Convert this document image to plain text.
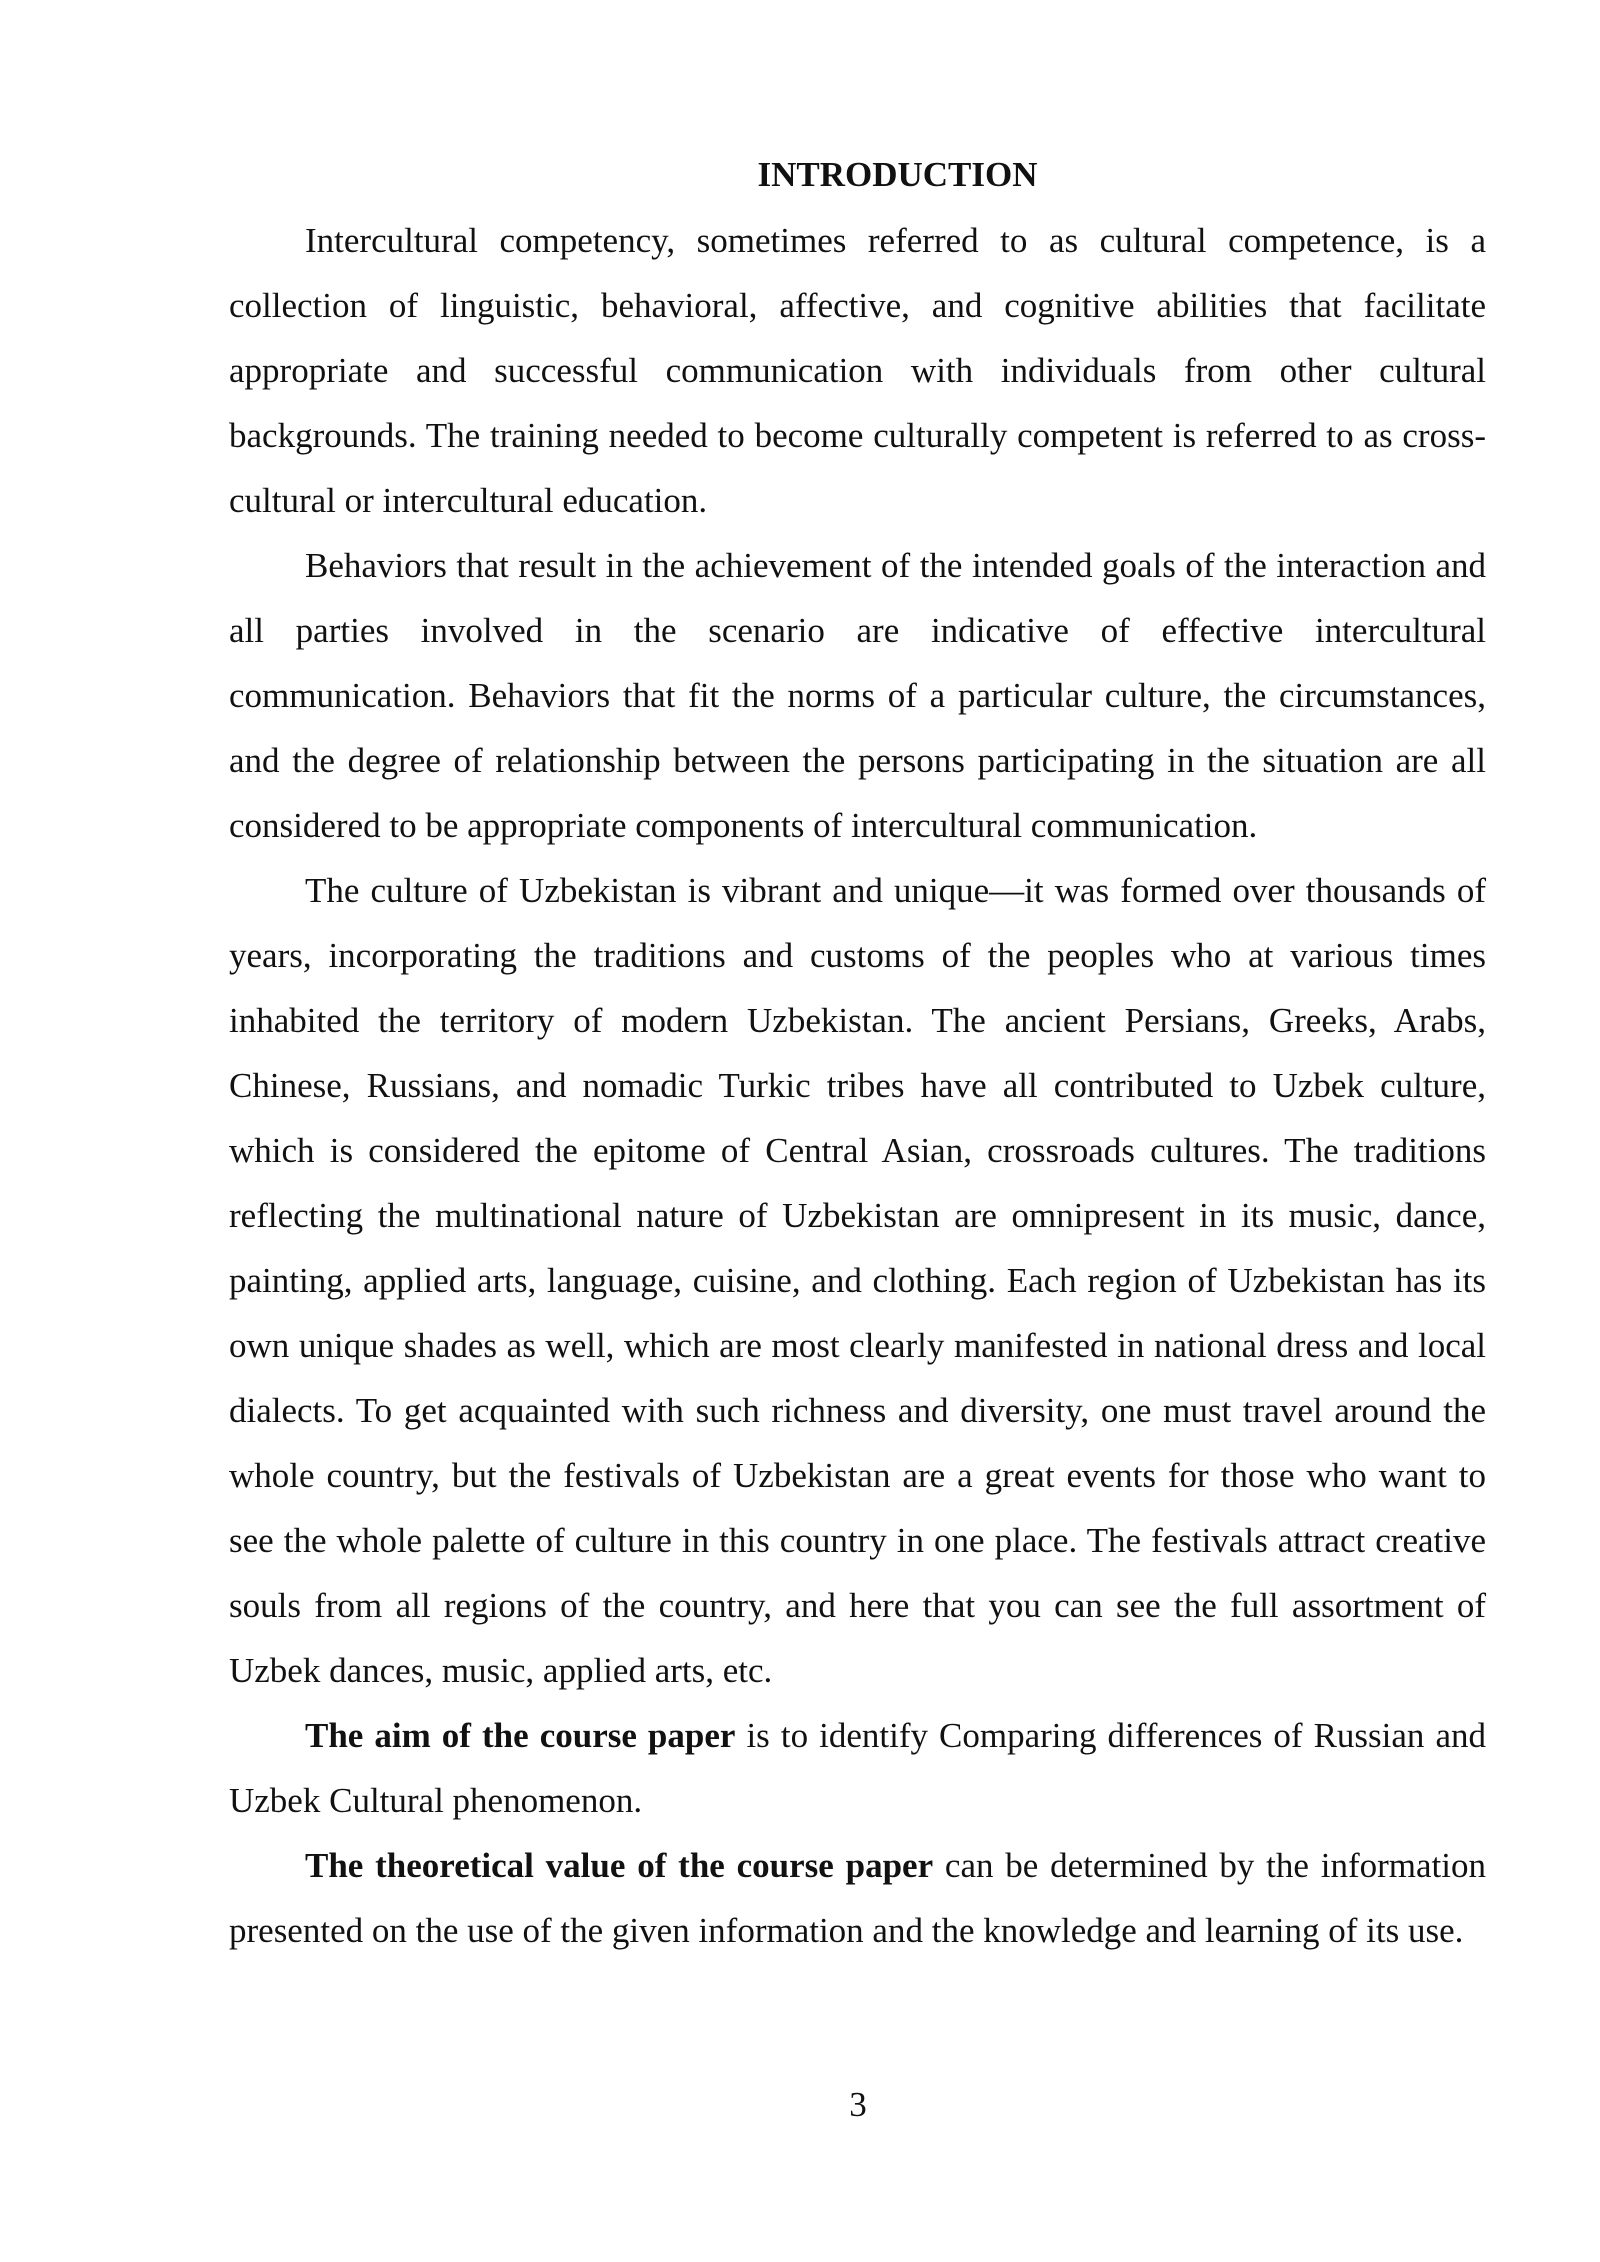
INTRODUCTION

Intercultural competency, sometimes referred to as cultural competence, is a collection of linguistic, behavioral, affective, and cognitive abilities that facilitate appropriate and successful communication with individuals from other cultural backgrounds. The training needed to become culturally competent is referred to as cross-cultural or intercultural education.

Behaviors that result in the achievement of the intended goals of the interaction and all parties involved in the scenario are indicative of effective intercultural communication. Behaviors that fit the norms of a particular culture, the circumstances, and the degree of relationship between the persons participating in the situation are all considered to be appropriate components of intercultural communication.

The culture of Uzbekistan is vibrant and unique—it was formed over thousands of years, incorporating the traditions and customs of the peoples who at various times inhabited the territory of modern Uzbekistan. The ancient Persians, Greeks, Arabs, Chinese, Russians, and nomadic Turkic tribes have all contributed to Uzbek culture, which is considered the epitome of Central Asian, crossroads cultures. The traditions reflecting the multinational nature of Uzbekistan are omnipresent in its music, dance, painting, applied arts, language, cuisine, and clothing. Each region of Uzbekistan has its own unique shades as well, which are most clearly manifested in national dress and local dialects. To get acquainted with such richness and diversity, one must travel around the whole country, but the festivals of Uzbekistan are a great events for those who want to see the whole palette of culture in this country in one place. The festivals attract creative souls from all regions of the country, and here that you can see the full assortment of Uzbek dances, music, applied arts, etc.

The aim of the course paper is to identify Comparing differences of Russian and Uzbek Cultural phenomenon.

The theoretical value of the course paper can be determined by the information presented on the use of the given information and the knowledge and learning of its use.

3
